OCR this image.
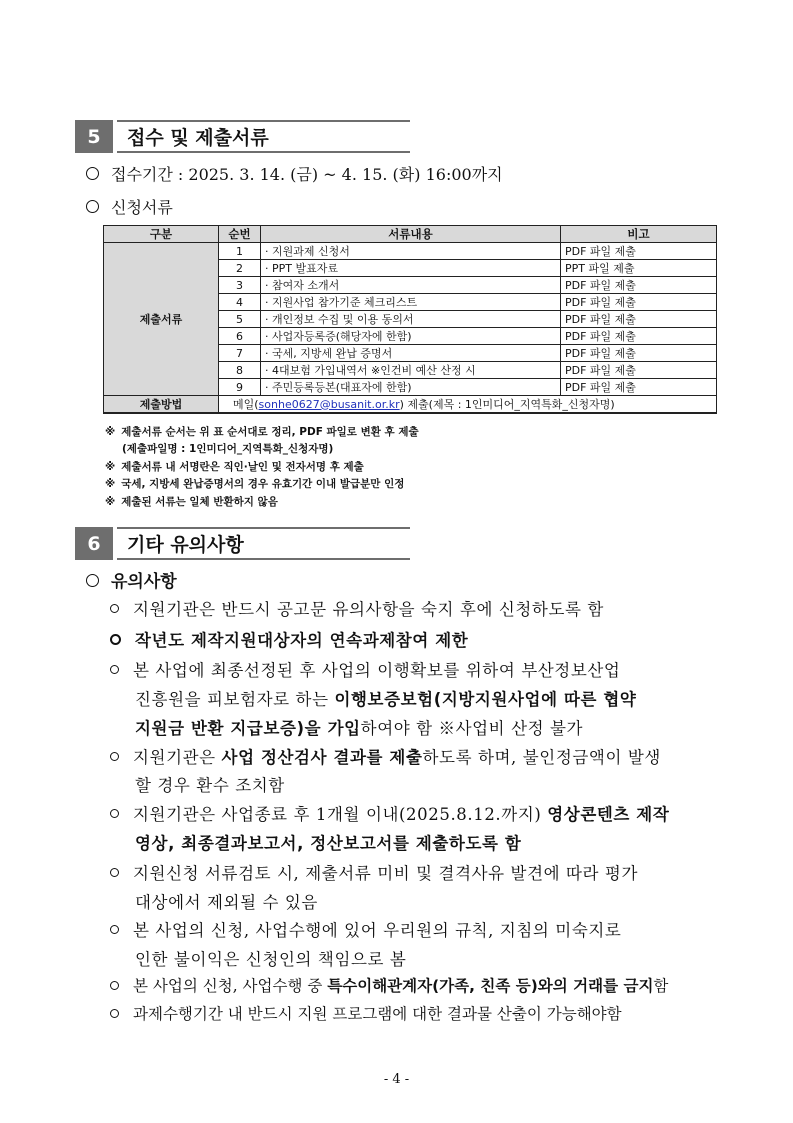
5	접수 및 제출서류
접수기간 : 2025. 3. 14. (금) ~ 4. 15. (화) 16:00까지
신청서류
구분	순번	서류내용	비고
제출서류	1	· 지원과제 신청서	PDF 파일 제출
	2	· PPT 발표자료	PPT 파일 제출
	3	· 참여자 소개서	PDF 파일 제출
	4	· 지원사업 참가기준 체크리스트	PDF 파일 제출
	5	· 개인정보 수집 및 이용 동의서	PDF 파일 제출
	6	· 사업자등록증(해당자에 한함)	PDF 파일 제출
	7	· 국세, 지방세 완납 증명서	PDF 파일 제출
	8	· 4대보험 가입내역서 ※인건비 예산 산정 시	PDF 파일 제출
	9	· 주민등록등본(대표자에 한함)	PDF 파일 제출
제출방법	메일(sonhe0627@busanit.or.kr) 제출(제목 : 1인미디어_지역특화_신청자명)		
※ 제출서류 순서는 위 표 순서대로 정리, PDF 파일로 변환 후 제출
(제출파일명 : 1인미디어_지역특화_신청자명)
※ 제출서류 내 서명란은 직인·날인 및 전자서명 후 제출
※ 국세, 지방세 완납증명서의 경우 유효기간 이내 발급분만 인정
※ 제출된 서류는 일체 반환하지 않음
6	기타 유의사항
유의사항
지원기관은 반드시 공고문 유의사항을 숙지 후에 신청하도록 함
작년도 제작지원대상자의 연속과제참여 제한
본 사업에 최종선정된 후 사업의 이행확보를 위하여 부산정보산업
진흥원을 피보험자로 하는 이행보증보험(지방지원사업에 따른 협약
지원금 반환 지급보증)을 가입하여야 함 ※사업비 산정 불가
지원기관은 사업 정산검사 결과를 제출하도록 하며, 불인정금액이 발생
할 경우 환수 조치함
지원기관은 사업종료 후 1개월 이내(2025.8.12.까지) 영상콘텐츠 제작
영상, 최종결과보고서, 정산보고서를 제출하도록 함
지원신청 서류검토 시, 제출서류 미비 및 결격사유 발견에 따라 평가
대상에서 제외될 수 있음
본 사업의 신청, 사업수행에 있어 우리원의 규칙, 지침의 미숙지로
인한 불이익은 신청인의 책임으로 봄
본 사업의 신청, 사업수행 중 특수이해관계자(가족, 친족 등)와의 거래를 금지함
과제수행기간 내 반드시 지원 프로그램에 대한 결과물 산출이 가능해야함
- 4 -
